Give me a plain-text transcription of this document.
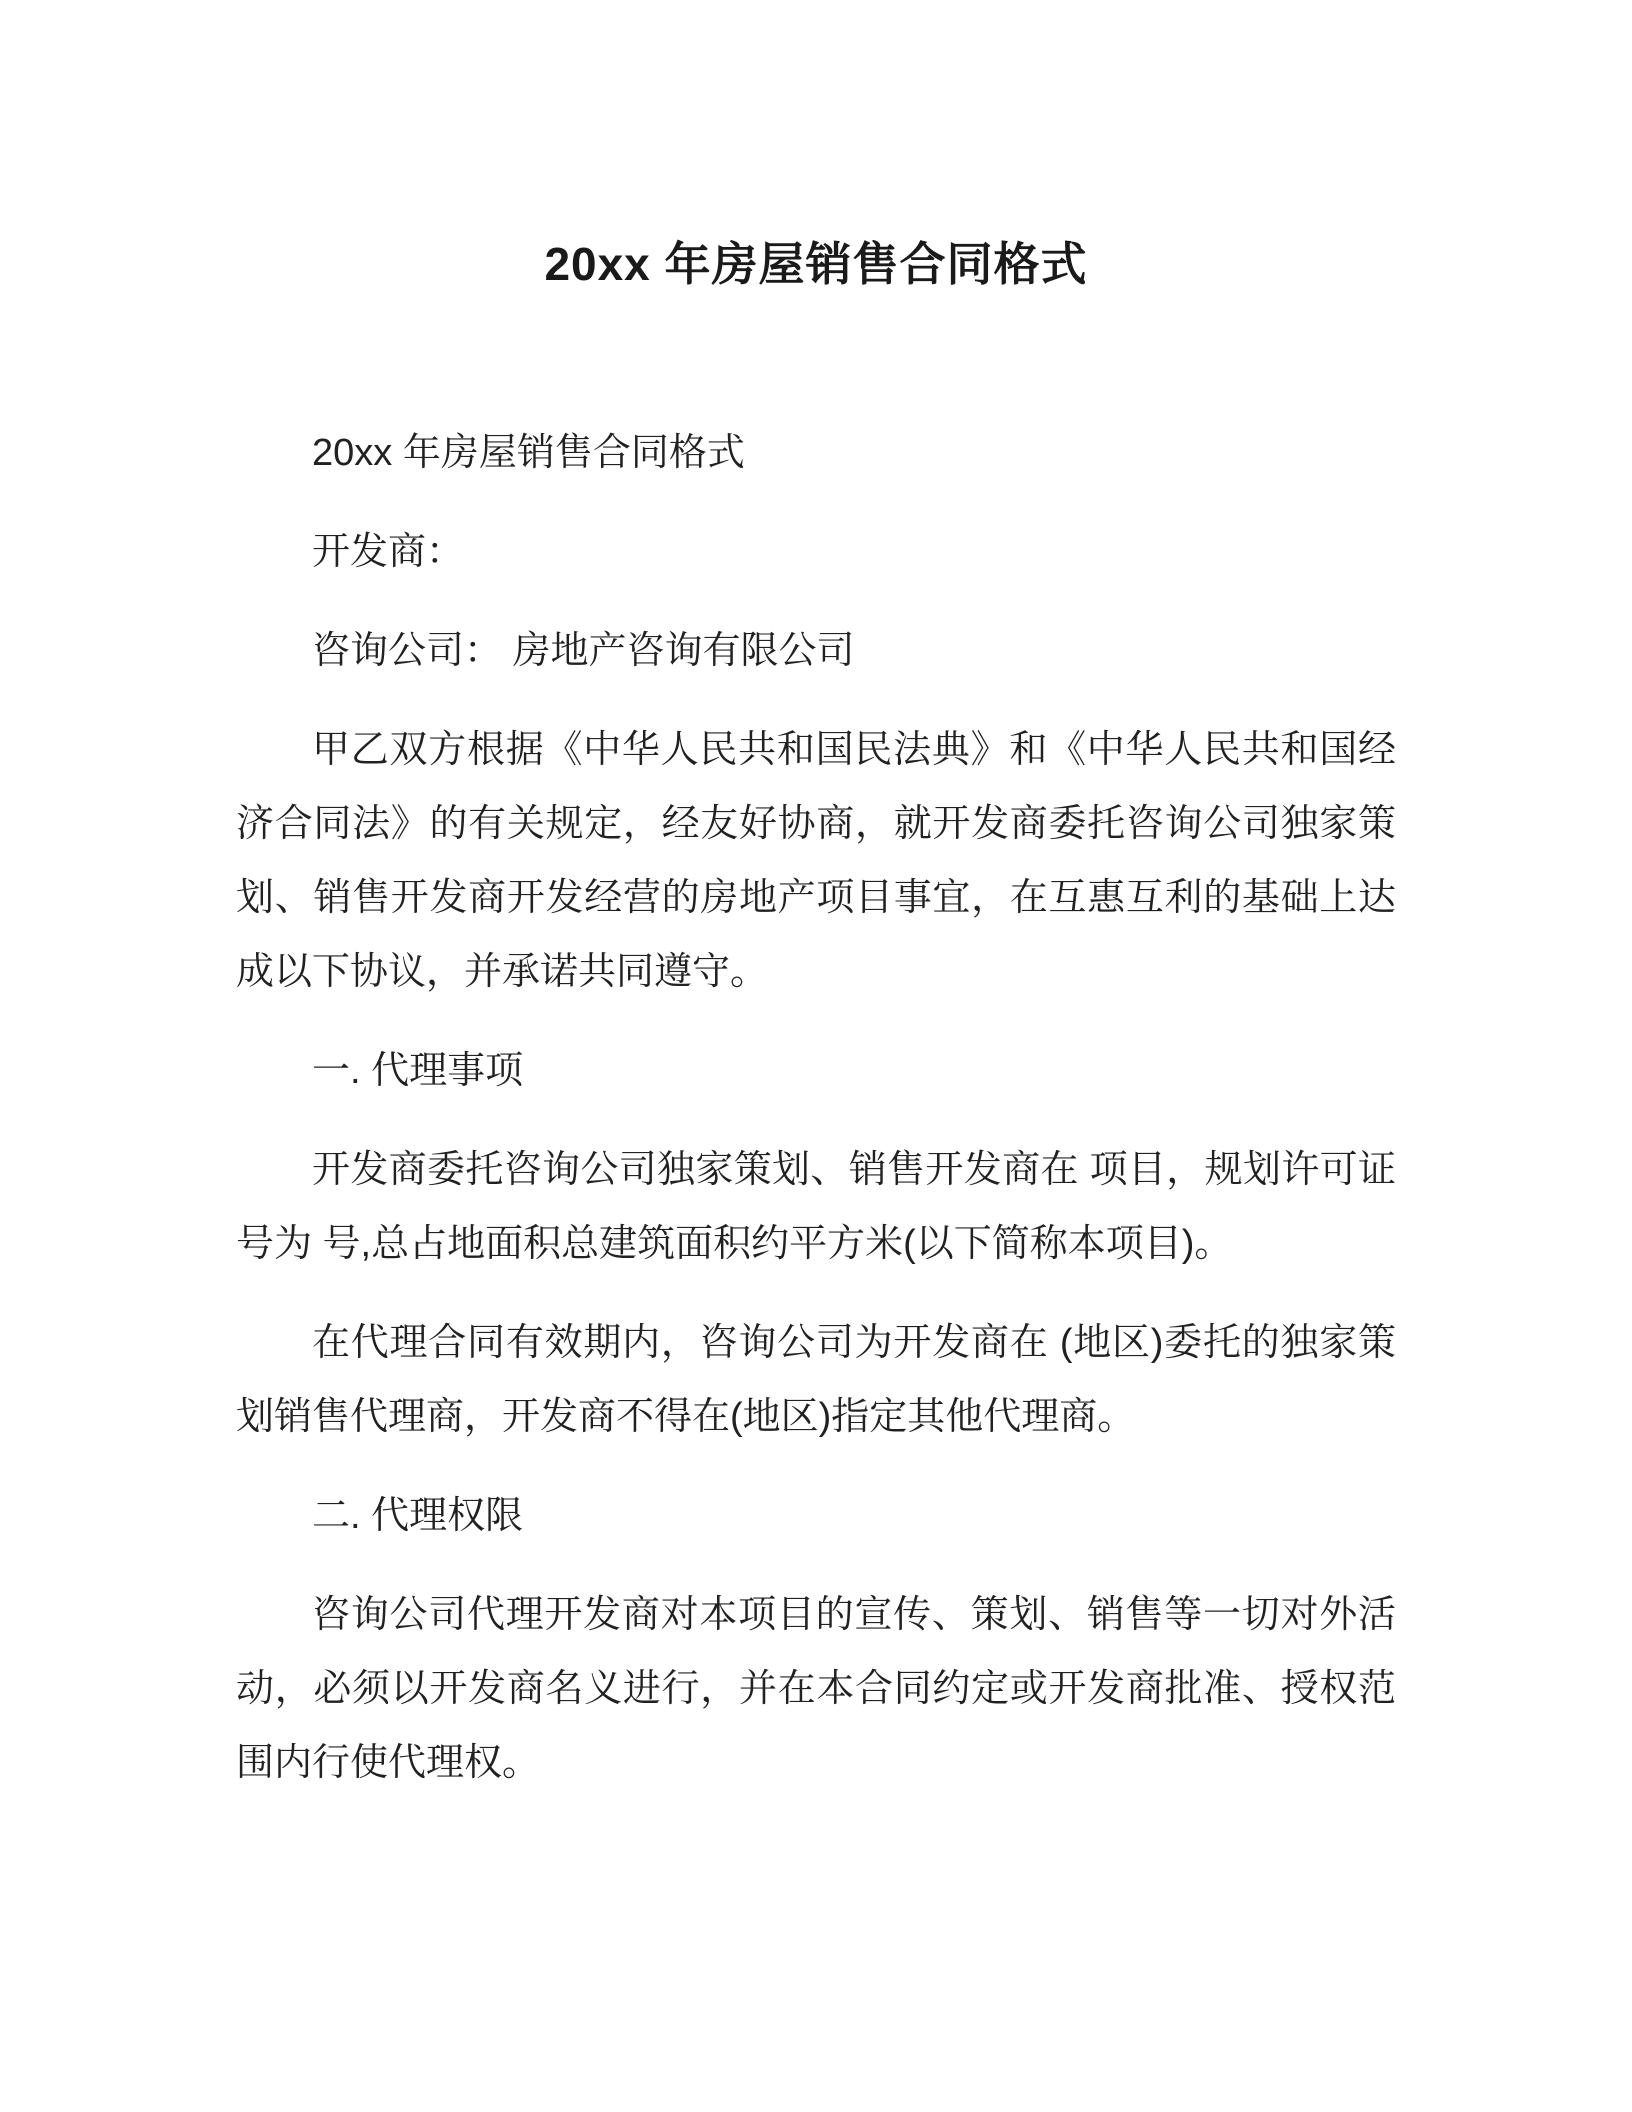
20xx 年房屋销售合同格式

20xx 年房屋销售合同格式

开发商：

咨询公司： 房地产咨询有限公司

甲乙双方根据《中华人民共和国民法典》和《中华人民共和国经济合同法》的有关规定，经友好协商，就开发商委托咨询公司独家策划、销售开发商开发经营的房地产项目事宜，在互惠互利的基础上达成以下协议，并承诺共同遵守。

一. 代理事项

开发商委托咨询公司独家策划、销售开发商在 项目，规划许可证号为 号,总占地面积总建筑面积约平方米(以下简称本项目)。

在代理合同有效期内，咨询公司为开发商在 (地区)委托的独家策划销售代理商，开发商不得在(地区)指定其他代理商。

二. 代理权限

咨询公司代理开发商对本项目的宣传、策划、销售等一切对外活动，必须以开发商名义进行，并在本合同约定或开发商批准、授权范围内行使代理权。
